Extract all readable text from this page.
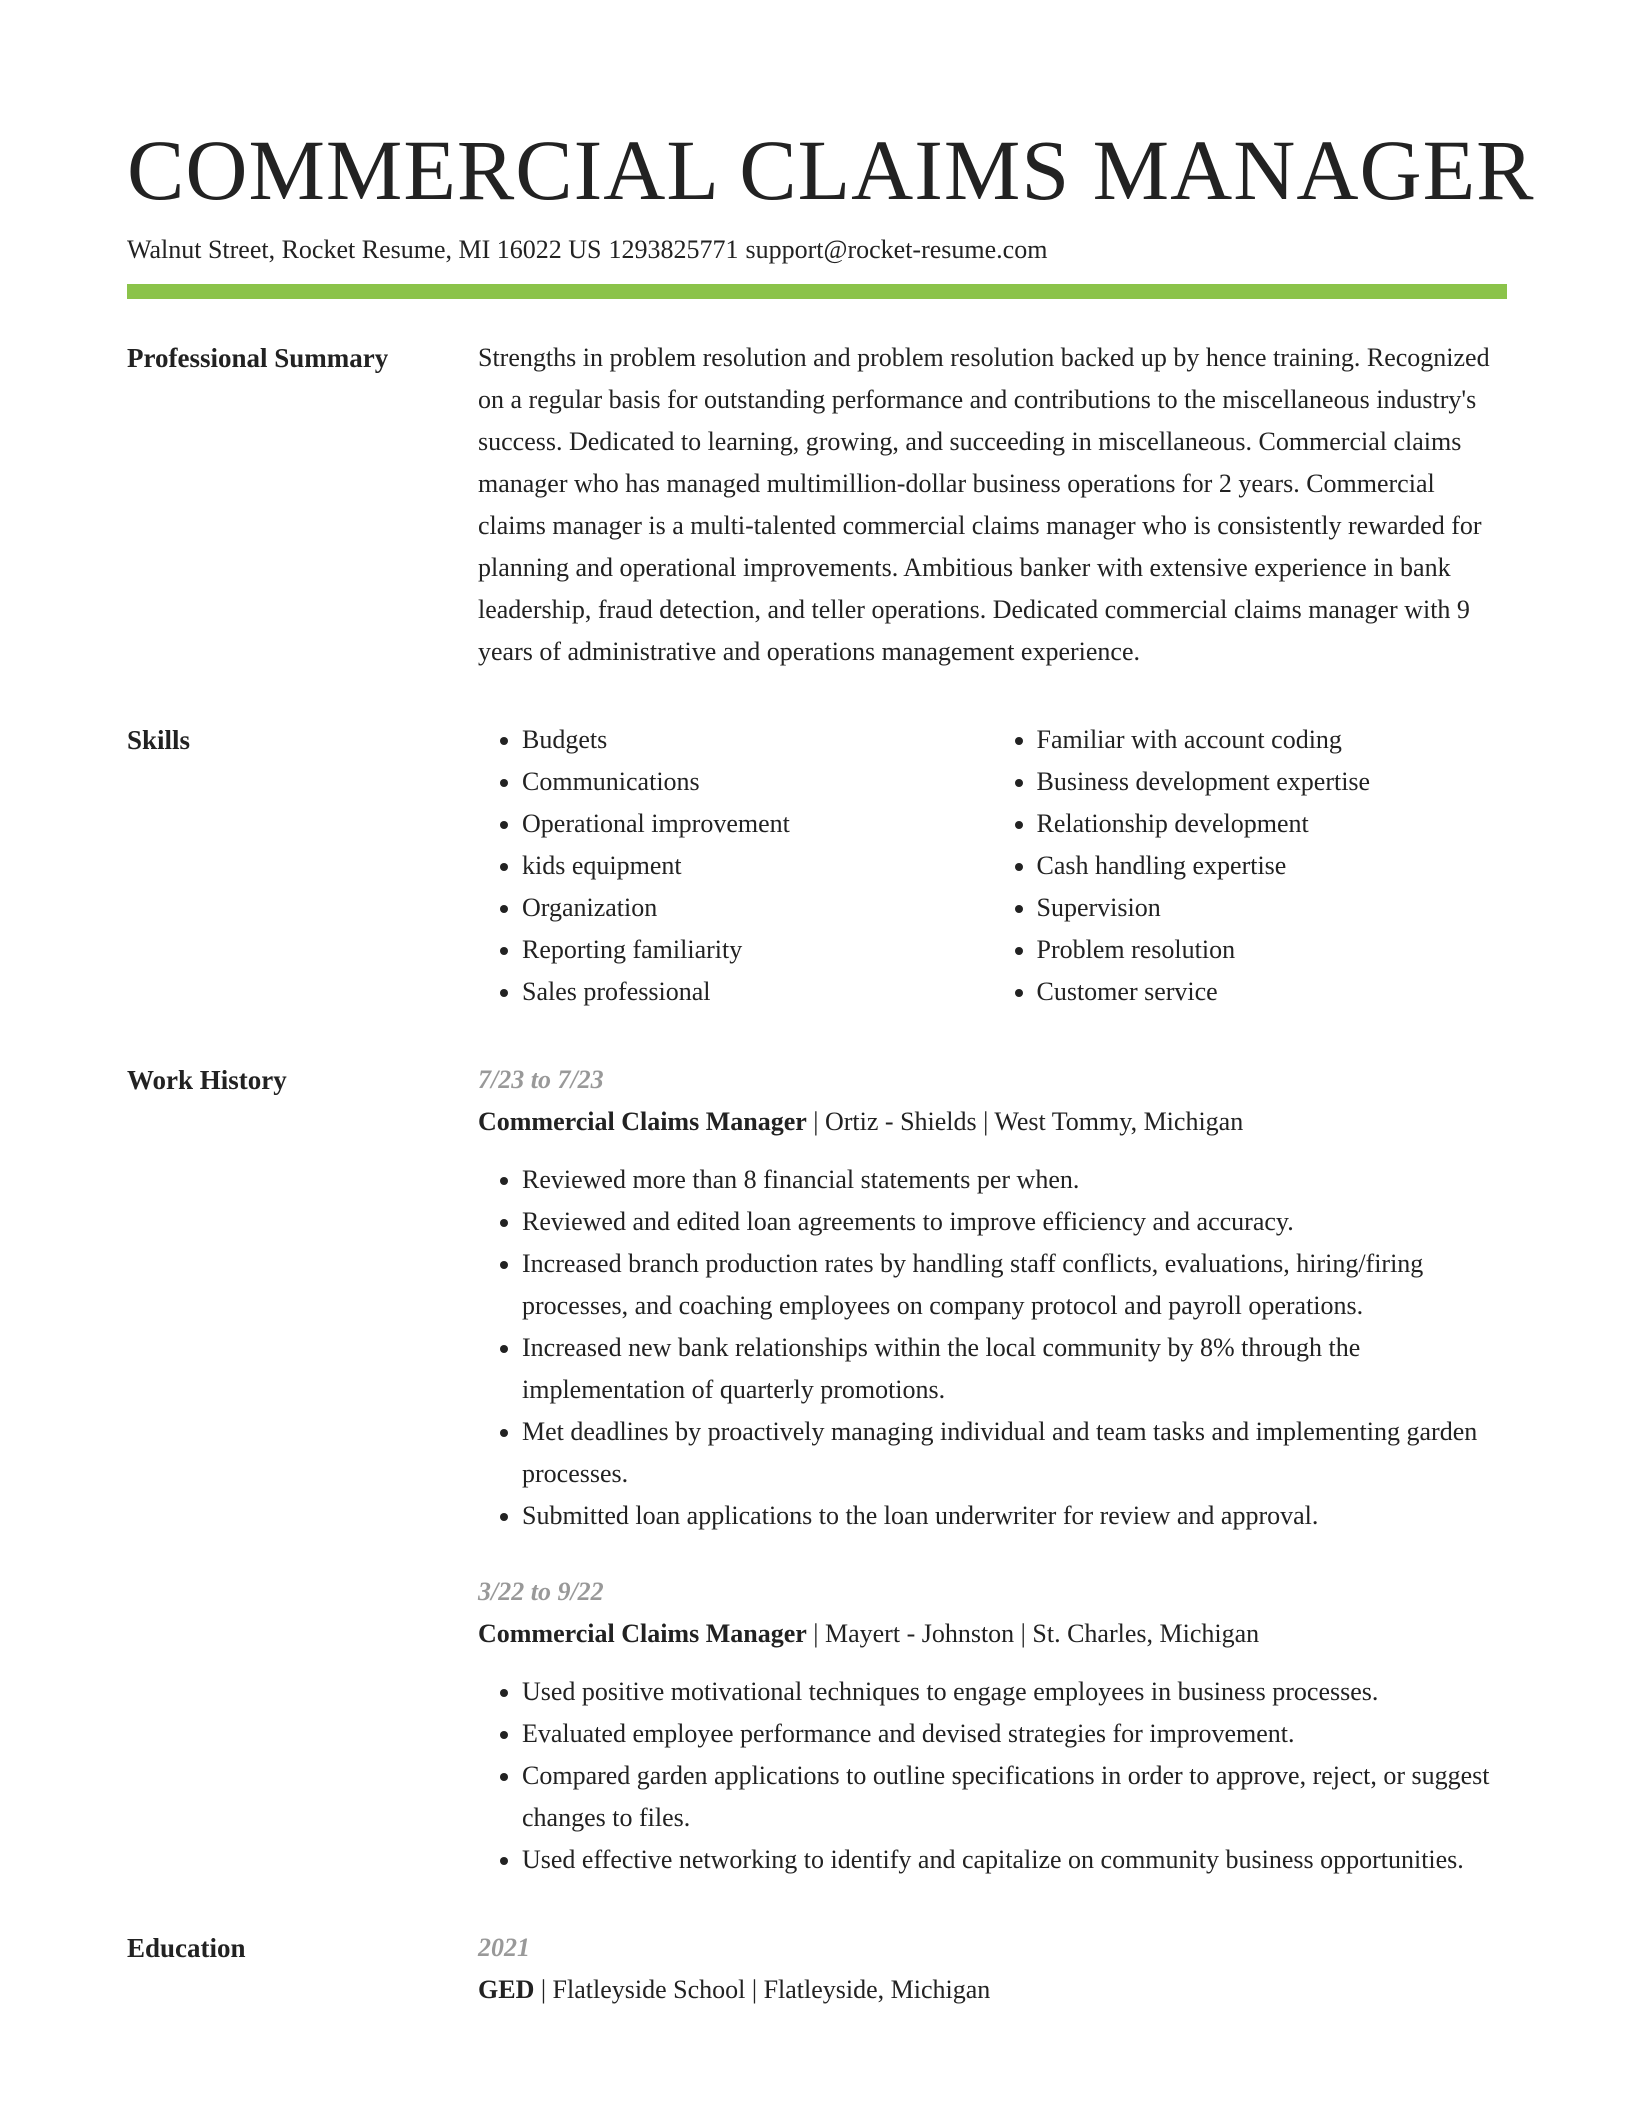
COMMERCIAL CLAIMS MANAGER
Walnut Street, Rocket Resume, MI 16022 US 1293825771 support@rocket-resume.com
Professional Summary	Strengths in problem resolution and problem resolution backed up by hence training. Recognized on a regular basis for outstanding performance and contributions to the miscellaneous industry's success. Dedicated to learning, growing, and succeeding in miscellaneous. Commercial claims manager who has managed multimillion-dollar business operations for 2 years. Commercial claims manager is a multi-talented commercial claims manager who is consistently rewarded for planning and operational improvements. Ambitious banker with extensive experience in bank leadership, fraud detection, and teller operations. Dedicated commercial claims manager with 9 years of administrative and operations management experience.

Skills
•	Budgets
• Communications
• Operational improvement
• kids equipment
• Organization
• Reporting familiarity
• Sales professional
• Familiar with account coding
• Business development expertise
• Relationship development
• Cash handling expertise
• Supervision
• Problem resolution
• Customer service
Work History	7/23 to 7/23
Commercial Claims Manager | Ortiz - Shields | West Tommy, Michigan
• Reviewed more than 8 financial statements per when.
• Reviewed and edited loan agreements to improve efficiency and accuracy.
• Increased branch production rates by handling staff conflicts, evaluations, hiring/firing processes, and coaching employees on company protocol and payroll operations.
• Increased new bank relationships within the local community by 8% through the implementation of quarterly promotions.
• Met deadlines by proactively managing individual and team tasks and implementing garden processes.
• Submitted loan applications to the loan underwriter for review and approval.
3/22 to 9/22
Commercial Claims Manager | Mayert - Johnston | St. Charles, Michigan
• Used positive motivational techniques to engage employees in business processes.
• Evaluated employee performance and devised strategies for improvement.
• Compared garden applications to outline specifications in order to approve, reject, or suggest changes to files.
• Used effective networking to identify and capitalize on community business opportunities.
Education	2021
GED | Flatleyside School | Flatleyside, Michigan
